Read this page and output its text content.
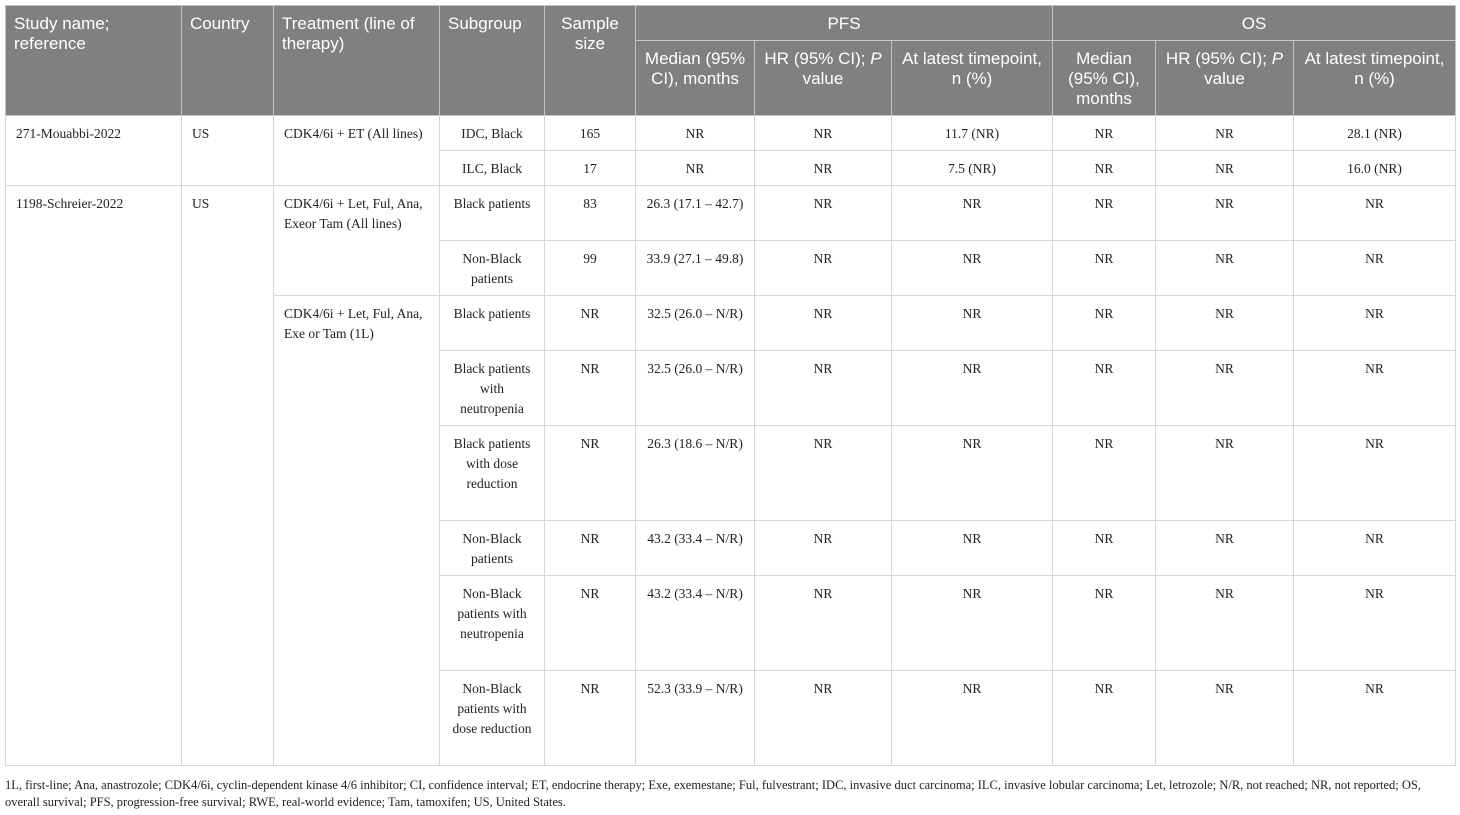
Study name; reference	Country	Treatment (line of therapy)	Subgroup	Sample size	PFS			OS		
					Median (95% CI), months	HR (95% CI); P value	At latest timepoint, n (%)	Median (95% CI), months	HR (95% CI); P value	At latest timepoint, n (%)
271-Mouabbi-2022	US	CDK4/6i + ET (All lines)	IDC, Black	165	NR	NR	11.7 (NR)	NR	NR	28.1 (NR)
			ILC, Black	17	NR	NR	7.5 (NR)	NR	NR	16.0 (NR)
1198-Schreier-2022	US	CDK4/6i + Let, Ful, Ana, Exeor Tam (All lines)	Black patients	83	26.3 (17.1 – 42.7)	NR	NR	NR	NR	NR
			Non-Black patients	99	33.9 (27.1 – 49.8)	NR	NR	NR	NR	NR
		CDK4/6i + Let, Ful, Ana, Exe or Tam (1L)	Black patients	NR	32.5 (26.0 – N/R)	NR	NR	NR	NR	NR
			Black patients with neutropenia	NR	32.5 (26.0 – N/R)	NR	NR	NR	NR	NR
			Black patients with dose reduction	NR	26.3 (18.6 – N/R)	NR	NR	NR	NR	NR
			Non-Black patients	NR	43.2 (33.4 – N/R)	NR	NR	NR	NR	NR
			Non-Black patients with neutropenia	NR	43.2 (33.4 – N/R)	NR	NR	NR	NR	NR
			Non-Black patients with dose reduction	NR	52.3 (33.9 – N/R)	NR	NR	NR	NR	NR
1L, first-line; Ana, anastrozole; CDK4/6i, cyclin-dependent kinase 4/6 inhibitor; CI, confidence interval; ET, endocrine therapy; Exe, exemestane; Ful, fulvestrant; IDC, invasive duct carcinoma; ILC, invasive lobular carcinoma; Let, letrozole; N/R, not reached; NR, not reported; OS, overall survival; PFS, progression-free survival; RWE, real-world evidence; Tam, tamoxifen; US, United States.
